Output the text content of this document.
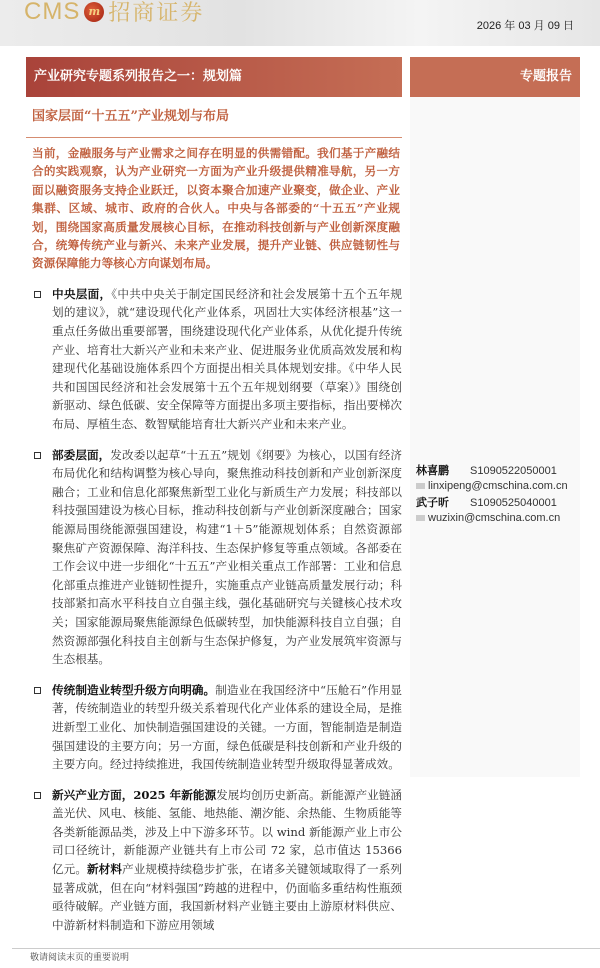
CMS m 招商证券	2026 年 03 月 09 日
专题报告
林喜鹏 S1090522050001
linxipeng@cmschina.com.cn
武子昕 S1090525040001
wuzixin@cmschina.com.cn
产业研究专题系列报告之一：规划篇
国家层面“十五五”产业规划与布局
当前，金融服务与产业需求之间存在明显的供需错配。我们基于产融结合的实践观察，认为产业研究一方面为产业升级提供精准导航，另一方面以融资服务支持企业跃迁，以资本聚合加速产业聚变，做企业、产业集群、区域、城市、政府的合伙人。中央与各部委的“十五五”产业规划，围绕国家高质量发展核心目标，在推动科技创新与产业创新深度融合，统筹传统产业与新兴、未来产业发展，提升产业链、供应链韧性与资源保障能力等核心方向谋划布局。
中央层面，《中共中央关于制定国民经济和社会发展第十五个五年规划的建议》，就“建设现代化产业体系，巩固壮大实体经济根基”这一重点任务做出重要部署，围绕建设现代化产业体系，从优化提升传统产业、培育壮大新兴产业和未来产业、促进服务业优质高效发展和构建现代化基础设施体系四个方面提出相关具体规划安排。《中华人民共和国国民经济和社会发展第十五个五年规划纲要（草案）》围绕创新驱动、绿色低碳、安全保障等方面提出多项主要指标，指出要梯次布局、厚植生态、数智赋能培育壮大新兴产业和未来产业。
部委层面，发改委以起草“十五五”规划《纲要》为核心，以国有经济布局优化和结构调整为核心导向，聚焦推动科技创新和产业创新深度融合；工业和信息化部聚焦新型工业化与新质生产力发展；科技部以科技强国建设为核心目标，推动科技创新与产业创新深度融合；国家能源局围绕能源强国建设，构建“1＋5”能源规划体系；自然资源部聚焦矿产资源保障、海洋科技、生态保护修复等重点领域。各部委在工作会议中进一步细化“十五五”产业相关重点工作部署：工业和信息化部重点推进产业链韧性提升，实施重点产业链高质量发展行动；科技部紧扣高水平科技自立自强主线，强化基础研究与关键核心技术攻关；国家能源局聚焦能源绿色低碳转型，加快能源科技自立自强；自然资源部强化科技自主创新与生态保护修复，为产业发展筑牢资源与生态根基。
传统制造业转型升级方向明确。制造业在我国经济中“压舱石”作用显著，传统制造业的转型升级关系着现代化产业体系的建设全局，是推进新型工业化、加快制造强国建设的关键。一方面，智能制造是制造强国建设的主要方向；另一方面，绿色低碳是科技创新和产业升级的主要方向。经过持续推进，我国传统制造业转型升级取得显著成效。
新兴产业方面，2025 年新能源发展均创历史新高。新能源产业链涵盖光伏、风电、核能、氢能、地热能、潮汐能、余热能、生物质能等各类新能源品类，涉及上中下游多环节。以 wind 新能源产业上市公司口径统计，新能源产业链共有上市公司 72 家，总市值达 15366 亿元。新材料产业规模持续稳步扩张，在诸多关键领域取得了一系列显著成就，但在向“材料强国”跨越的进程中，仍面临多重结构性瓶颈亟待破解。产业链方面，我国新材料产业链主要由上游原材料供应、中游新材料制造和下游应用领域
敬请阅读末页的重要说明
